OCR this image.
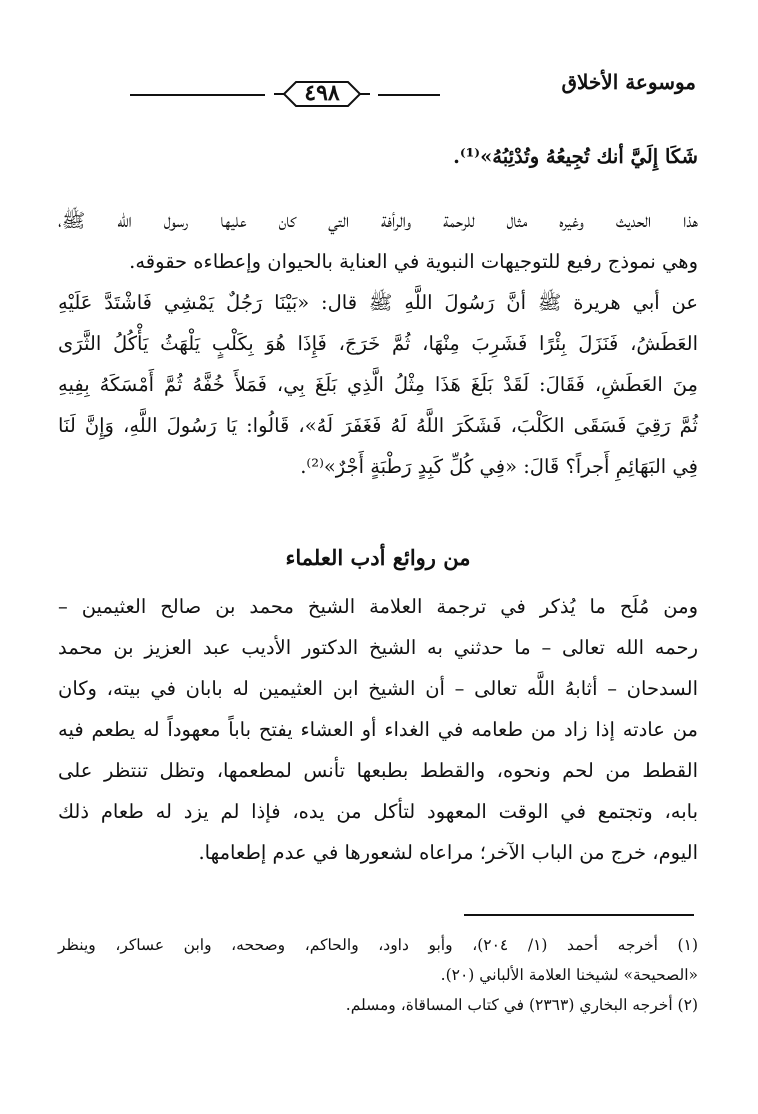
٤٩٨	موسوعة الأخلاق
شَكَا إِلَيَّ أنك تُجِيعُهُ وتُدْئِبُهُ»⁽¹⁾.
هذا الحديث وغيره مثال للرحمة والرأفة التي كان عليها رسول الله ﷺ،
وهي نموذج رفيع للتوجيهات النبوية في العناية بالحيوان وإعطاءه حقوقه.
عن أبي هريرة ﷺ أنَّ رَسُولَ اللَّهِ ﷺ قال: «بَيْنَا رَجُلٌ يَمْشِي فَاشْتَدَّ عَلَيْهِ
العَطَشُ، فَنَزَلَ بِئْرًا فَشَرِبَ مِنْهَا، ثُمَّ خَرَجَ، فَإِذَا هُوَ بِكَلْبٍ يَلْهَثُ يَأْكُلُ الثَّرَى
مِنَ العَطَشِ، فَقَالَ: لَقَدْ بَلَغَ هَذَا مِثْلُ الَّذِي بَلَغَ بِي، فَمَلأَ خُفَّهُ ثُمَّ أَمْسَكَهُ بِفِيهِ
ثُمَّ رَقِيَ فَسَقَى الكَلْبَ، فَشَكَرَ اللَّهُ لَهُ فَغَفَرَ لَهُ»، قَالُوا: يَا رَسُولَ اللَّهِ، وَإِنَّ لَنَا
فِي البَهَائِمِ أَجراً؟ قَالَ: «فِي كُلِّ كَبِدٍ رَطْبَةٍ أَجْرٌ»⁽²⁾.
من روائع أدب العلماء
ومن مُلَح ما يُذكر في ترجمة العلامة الشيخ محمد بن صالح العثيمين –
رحمه الله تعالى – ما حدثني به الشيخ الدكتور الأديب عبد العزيز بن محمد
السدحان – أثابهُ اللَّه تعالى – أن الشيخ ابن العثيمين له بابان في بيته، وكان
من عادته إذا زاد من طعامه في الغداء أو العشاء يفتح باباً معهوداً له يطعم فيه
القطط من لحم ونحوه، والقطط بطبعها تأنس لمطعمها، وتظل تنتظر على
بابه، وتجتمع في الوقت المعهود لتأكل من يده، فإذا لم يزد له طعام ذلك
اليوم، خرج من الباب الآخر؛ مراعاه لشعورها في عدم إطعامها.
(١) أخرجه أحمد (١/ ٢٠٤)، وأبو داود، والحاكم، وصححه، وابن عساكر، وينظر
«الصحيحة» لشيخنا العلامة الألباني (٢٠).
(٢) أخرجه البخاري (٢٣٦٣) في كتاب المساقاة، ومسلم.
